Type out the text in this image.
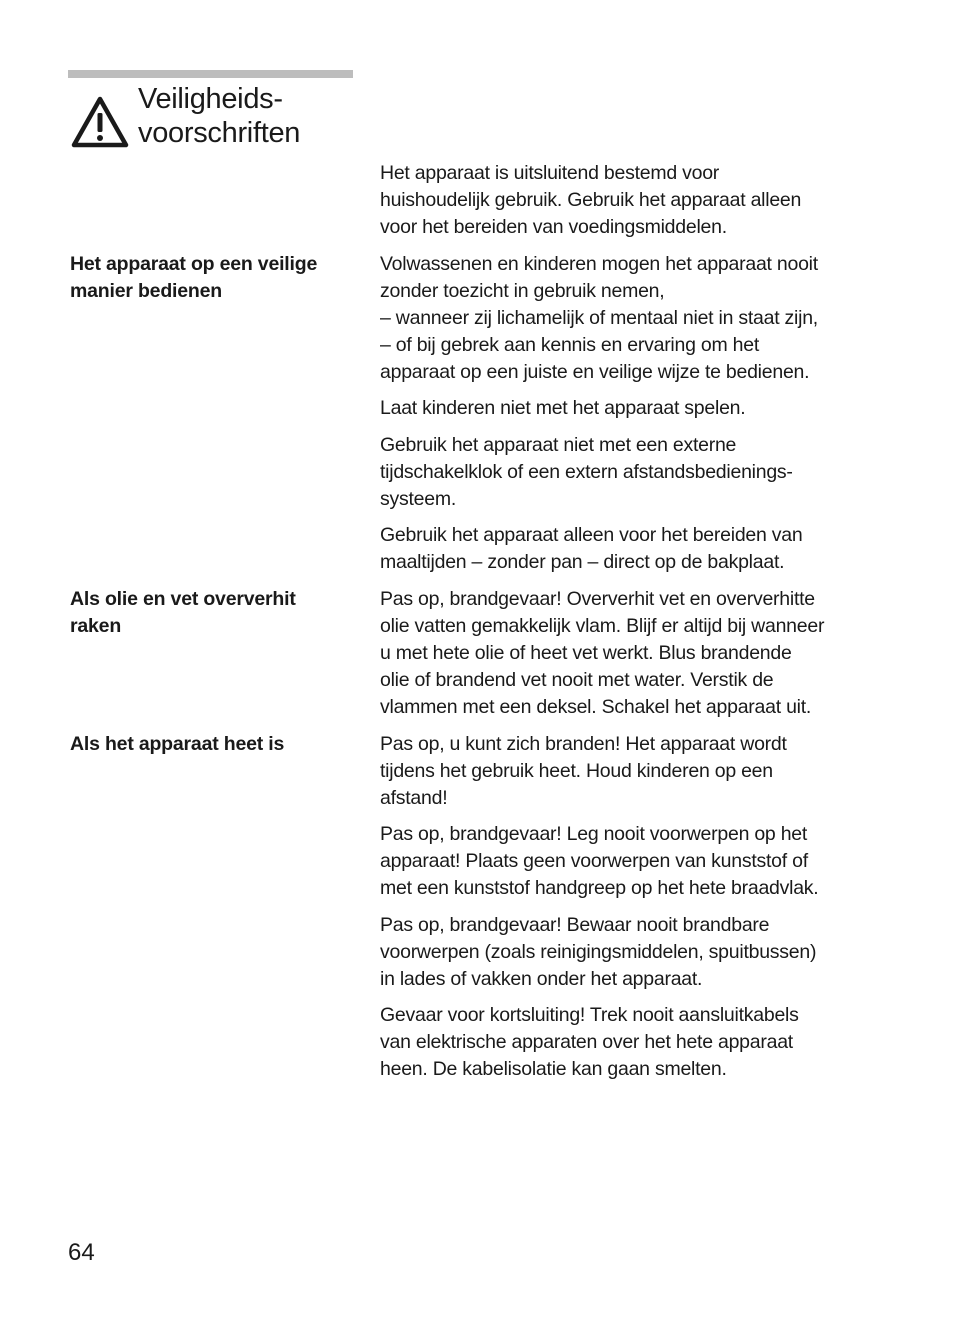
Veiligheids-
voorschriften

Het apparaat is uitsluitend bestemd voor
huishoudelijk gebruik. Gebruik het apparaat alleen
voor het bereiden van voedingsmiddelen.

Het apparaat op een veilige
manier bedienen

Volwassenen en kinderen mogen het apparaat nooit
zonder toezicht in gebruik nemen,
– wanneer zij lichamelijk of mentaal niet in staat zijn,
– of bij gebrek aan kennis en ervaring om het
apparaat op een juiste en veilige wijze te bedienen.

Laat kinderen niet met het apparaat spelen.

Gebruik het apparaat niet met een externe
tijdschakelklok of een extern afstandsbedienings-
systeem.

Gebruik het apparaat alleen voor het bereiden van
maaltijden – zonder pan – direct op de bakplaat.

Als olie en vet oververhit
raken

Pas op, brandgevaar! Oververhit vet en oververhitte
olie vatten gemakkelijk vlam. Blijf er altijd bij wanneer
u met hete olie of heet vet werkt. Blus brandende
olie of brandend vet nooit met water. Verstik de
vlammen met een deksel. Schakel het apparaat uit.

Als het apparaat heet is	Pas op, u kunt zich branden! Het apparaat wordt
tijdens het gebruik heet. Houd kinderen op een
afstand!

Pas op, brandgevaar! Leg nooit voorwerpen op het
apparaat! Plaats geen voorwerpen van kunststof of
met een kunststof handgreep op het hete braadvlak.

Pas op, brandgevaar! Bewaar nooit brandbare
voorwerpen (zoals reinigingsmiddelen, spuitbussen)
in lades of vakken onder het apparaat.

Gevaar voor kortsluiting! Trek nooit aansluitkabels
van elektrische apparaten over het hete apparaat
heen. De kabelisolatie kan gaan smelten.

64
